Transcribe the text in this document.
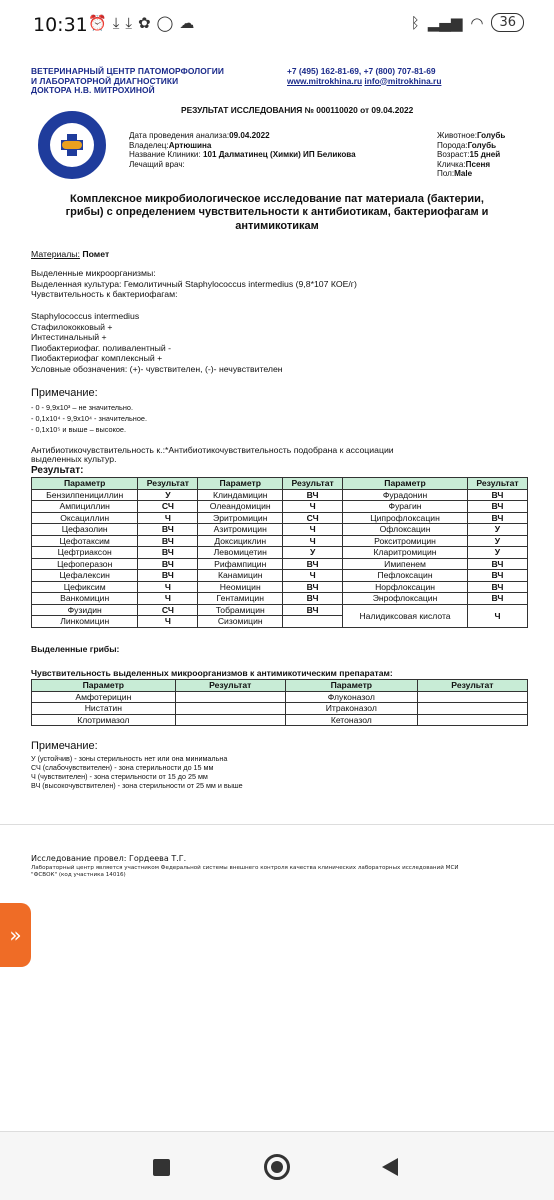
10:31 ⏰ ⤓ ⤓ ✿ ◯ ☁	ᛒ ▂▄▆ ◠	36
ВЕТЕРИНАРНЫЙ ЦЕНТР ПАТОМОРФОЛОГИИ
И ЛАБОРАТОРНОЙ ДИАГНОСТИКИ
ДОКТОРА Н.В. МИТРОХИНОЙ
+7 (495) 162-81-69, +7 (800) 707-81-69
www.mitrokhina.ru info@mitrokhina.ru
РЕЗУЛЬТАТ ИССЛЕДОВАНИЯ № 000110020 от 09.04.2022
Дата проведения анализа:09.04.2022
Владелец:Артюшина
Название Клиники: 101 Далматинец (Химки) ИП Беликова
Лечащий врач:
Животное:Голубь
Порода:Голубь
Возраст:15 дней
Кличка:Псеня
Пол:Male
Комплексное микробиологическое исследование пат материала (бактерии,
грибы) с определением чувствительности к антибиотикам, бактериофагам и
антимикотикам
Материалы: Помет
Выделенные микроорганизмы:
Выделенная культура: Гемолитичный Staphylococcus intermedius (9,8*107 КОЕ/г)
Чувствительность к бактериофагам:
Staphylococcus intermedius
Стафилококковый +
Интестинальный +
Пиобактериофаг. поливалентный -
Пиобактериофаг комплексный +
Условные обозначения: (+)- чувствителен, (-)- нечувствителен
Примечание:
- 0 - 9,9x10³ – не значительно.
- 0,1x10⁴ - 9,9x10⁴ - значительное.
- 0,1x10⁵ и выше – высокое.
Антибиотикочувствительность к.:*Антибиотикочувствительность подобрана к ассоциации
выделенных культур.
Результат:
Параметр	Результат	Параметр	Результат	Параметр	Результат
Бензилпенициллин	У	Клиндамицин	ВЧ	Фурадонин	ВЧ
Ампициллин	СЧ	Олеандомицин	Ч	Фурагин	ВЧ
Оксациллин	Ч	Эритромицин	СЧ	Ципрофлоксацин	ВЧ
Цефазолин	ВЧ	Азитромицин	Ч	Офлоксацин	У
Цефотаксим	ВЧ	Доксициклин	Ч	Рокситромицин	У
Цефтриаксон	ВЧ	Левомицетин	У	Кларитромицин	У
Цефоперазон	ВЧ	Рифампицин	ВЧ	Имипенем	ВЧ
Цефалексин	ВЧ	Канамицин	Ч	Пефлоксацин	ВЧ
Цефиксим	Ч	Неомицин	ВЧ	Норфлоксацин	ВЧ
Ванкомицин	Ч	Гентамицин	ВЧ	Энрофлоксацин	ВЧ
Фузидин	СЧ	Тобрамицин	ВЧ	Налидиксовая кислота	Ч
Линкомицин	Ч	Сизомицин			
Выделенные грибы:
Чувствительность выделенных микроорганизмов к антимикотическим препаратам:
Параметр	Результат	Параметр	Результат
Амфотерицин		Флуконазол	
Нистатин		Итраконазол	
Клотримазол		Кетоназол	
Примечание:
У (устойчив) - зоны стерильность нет или она минимальна
СЧ (слабочувствителен) - зона стерильности до 15 мм
Ч (чувствителен) - зона стерильности от 15 до 25 мм
ВЧ (высокочувствителен) - зона стерильности от 25 мм и выше
Исследование провел: Гордеева Т.Г.
Лабораторный центр является участником Федеральной системы внешнего контроля качества клинических лабораторных исследований МСИ
"ФСВОК" (код участника 14016)
»
